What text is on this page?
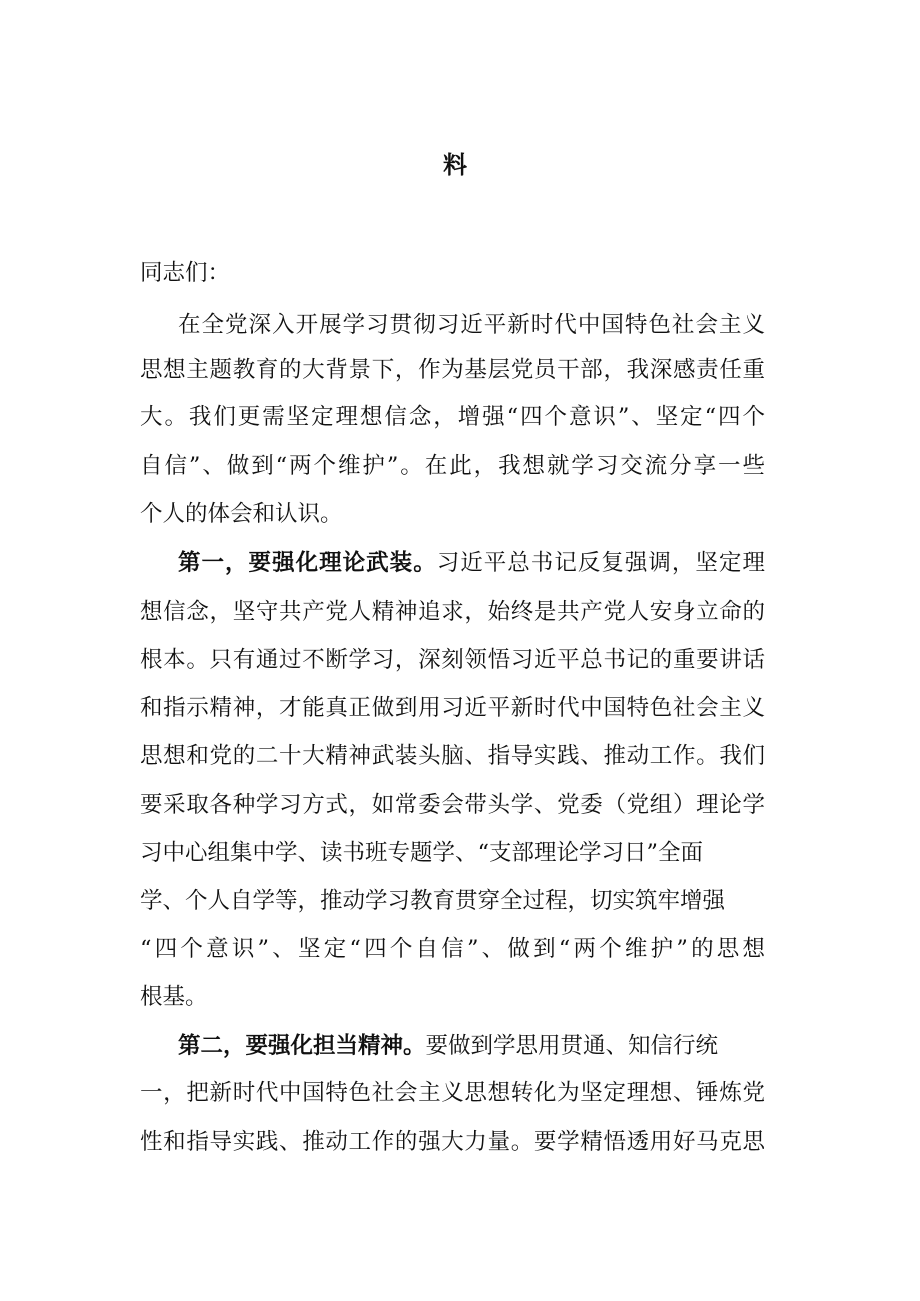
料
同志们：
在全党深入开展学习贯彻习近平新时代中国特色社会主义
思想主题教育的大背景下，作为基层党员干部，我深感责任重
大。我们更需坚定理想信念，增强“四个意识”、坚定“四个
自信”、做到“两个维护”。在此，我想就学习交流分享一些
个人的体会和认识。
第一，要强化理论武装。习近平总书记反复强调，坚定理
想信念，坚守共产党人精神追求，始终是共产党人安身立命的
根本。只有通过不断学习，深刻领悟习近平总书记的重要讲话
和指示精神，才能真正做到用习近平新时代中国特色社会主义
思想和党的二十大精神武装头脑、指导实践、推动工作。我们
要采取各种学习方式，如常委会带头学、党委（党组）理论学
习中心组集中学、读书班专题学、“支部理论学习日”全面
学、个人自学等，推动学习教育贯穿全过程，切实筑牢增强
“四个意识”、坚定“四个自信”、做到“两个维护”的思想
根基。
第二，要强化担当精神。要做到学思用贯通、知信行统
一，把新时代中国特色社会主义思想转化为坚定理想、锤炼党
性和指导实践、推动工作的强大力量。要学精悟透用好马克思
